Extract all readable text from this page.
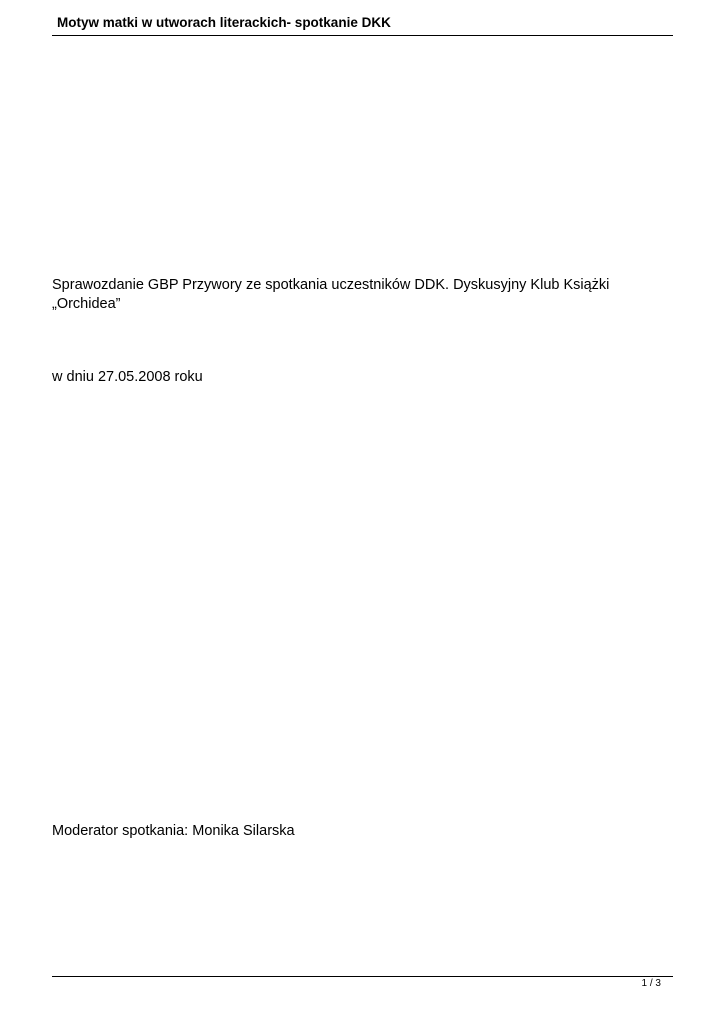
Motyw matki w utworach literackich- spotkanie DKK
Sprawozdanie GBP Przywory ze spotkania uczestników DDK. Dyskusyjny Klub Książki „Orchidea”
w dniu 27.05.2008 roku
Moderator spotkania: Monika Silarska
1 / 3
